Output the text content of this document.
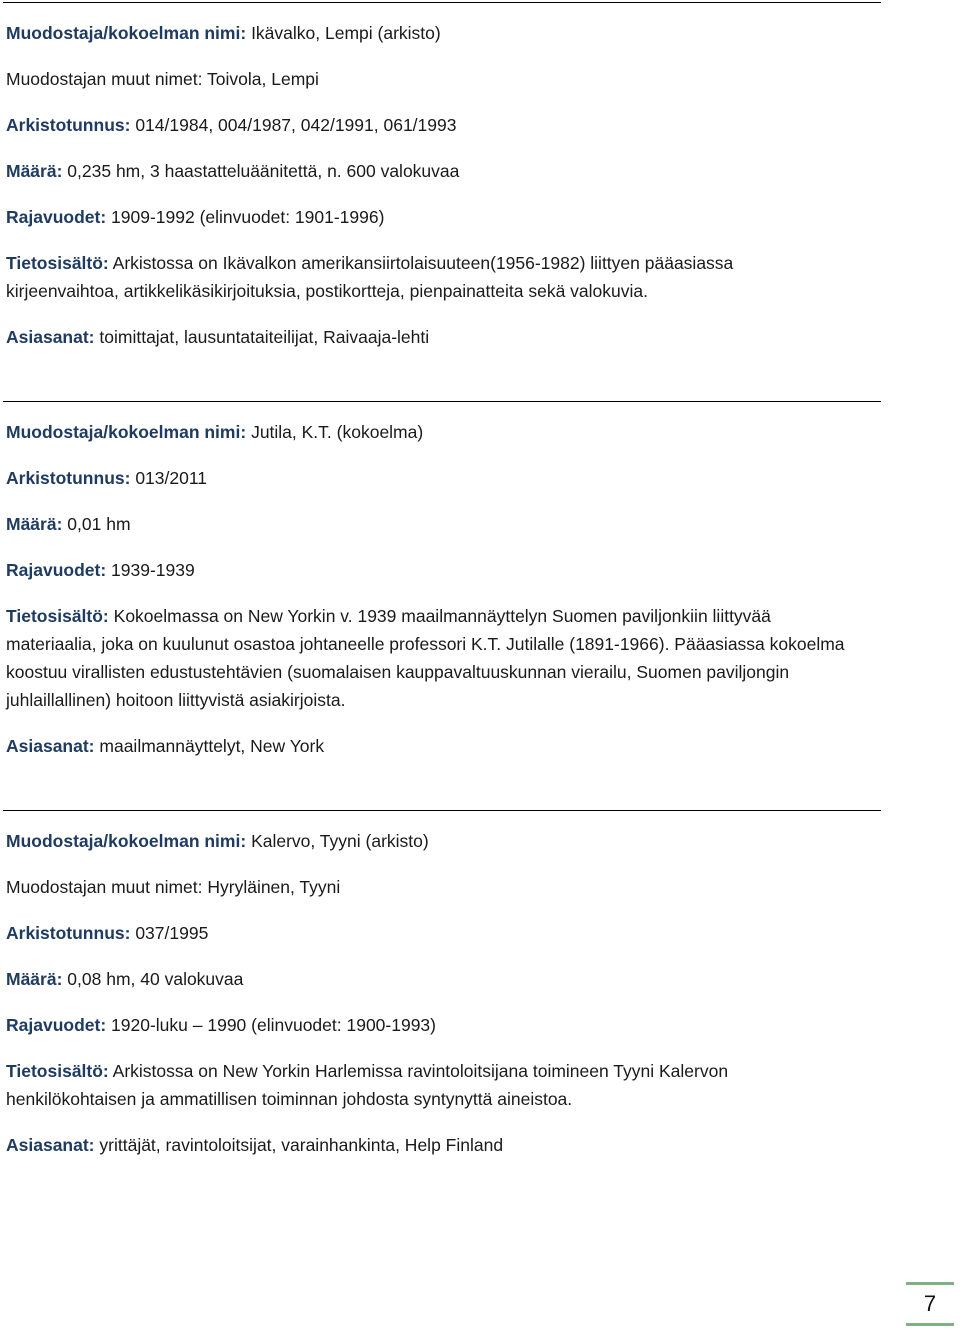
Muodostaja/kokoelman nimi: Ikävalko, Lempi (arkisto)
Muodostajan muut nimet: Toivola, Lempi
Arkistotunnus: 014/1984, 004/1987, 042/1991, 061/1993
Määrä: 0,235 hm, 3 haastatteluäänitettä, n. 600 valokuvaa
Rajavuodet: 1909-1992 (elinvuodet: 1901-1996)
Tietosisältö: Arkistossa on Ikävalkon amerikansiirtolaisuuteen(1956-1982) liittyen pääasiassa
kirjeenvaihtoa, artikkelikäsikirjoituksia, postikortteja, pienpainatteita sekä valokuvia.
Asiasanat: toimittajat, lausuntataiteilijat, Raivaaja-lehti
Muodostaja/kokoelman nimi: Jutila, K.T. (kokoelma)
Arkistotunnus: 013/2011
Määrä: 0,01 hm
Rajavuodet: 1939-1939
Tietosisältö: Kokoelmassa on New Yorkin v. 1939 maailmannäyttelyn Suomen paviljonkiin liittyvää
materiaalia, joka on kuulunut osastoa johtaneelle professori K.T. Jutilalle (1891-1966). Pääasiassa kokoelma
koostuu virallisten edustustehtävien (suomalaisen kauppavaltuuskunnan vierailu, Suomen paviljongin
juhlaillallinen) hoitoon liittyvistä asiakirjoista.
Asiasanat: maailmannäyttelyt, New York
Muodostaja/kokoelman nimi: Kalervo, Tyyni (arkisto)
Muodostajan muut nimet: Hyryläinen, Tyyni
Arkistotunnus: 037/1995
Määrä: 0,08 hm, 40 valokuvaa
Rajavuodet: 1920-luku – 1990 (elinvuodet: 1900-1993)
Tietosisältö: Arkistossa on New Yorkin Harlemissa ravintoloitsijana toimineen Tyyni Kalervon
henkilökohtaisen ja ammatillisen toiminnan johdosta syntynyttä aineistoa.
Asiasanat: yrittäjät, ravintoloitsijat, varainhankinta, Help Finland
7
